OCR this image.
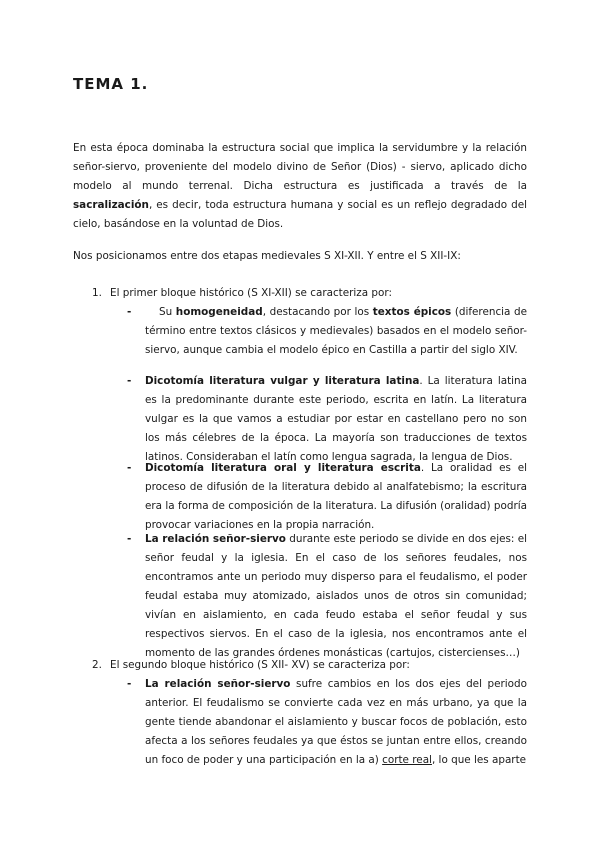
TEMA 1.
En esta época dominaba la estructura social que implica la servidumbre y la relación señor-siervo, proveniente del modelo divino de Señor (Dios) - siervo, aplicado dicho modelo al mundo terrenal. Dicha estructura es justificada a través de la sacralización, es decir, toda estructura humana y social es un reflejo degradado del cielo, basándose en la voluntad de Dios.
Nos posicionamos entre dos etapas medievales S XI-XII. Y entre el S XII-IX:
1. El primer bloque histórico (S XI-XII) se caracteriza por:
-	Su homogeneidad, destacando por los textos épicos (diferencia de término entre textos clásicos y medievales) basados en el modelo señor-siervo, aunque cambia el modelo épico en Castilla a partir del siglo XIV.
- Dicotomía literatura vulgar y literatura latina. La literatura latina es la predominante durante este periodo, escrita en latín. La literatura vulgar es la que vamos a estudiar por estar en castellano pero no son los más célebres de la época. La mayoría son traducciones de textos latinos. Consideraban el latín como lengua sagrada, la lengua de Dios.
- Dicotomía literatura oral y literatura escrita. La oralidad es el proceso de difusión de la literatura debido al analfatebismo; la escritura era la forma de composición de la literatura. La difusión (oralidad) podría provocar variaciones en la propia narración.
- La relación señor-siervo durante este periodo se divide en dos ejes: el señor feudal y la iglesia. En el caso de los señores feudales, nos encontramos ante un periodo muy disperso para el feudalismo, el poder feudal estaba muy atomizado, aislados unos de otros sin comunidad; vivían en aislamiento, en cada feudo estaba el señor feudal y sus respectivos siervos. En el caso de la iglesia, nos encontramos ante el momento de las grandes órdenes monásticas (cartujos, cistercienses…)
2. El segundo bloque histórico (S XII- XV) se caracteriza por:
- La relación señor-siervo sufre cambios en los dos ejes del periodo anterior. El feudalismo se convierte cada vez en más urbano, ya que la gente tiende abandonar el aislamiento y buscar focos de población, esto afecta a los señores feudales ya que éstos se juntan entre ellos, creando un foco de poder y una participación en la a) corte real, lo que les aparte
